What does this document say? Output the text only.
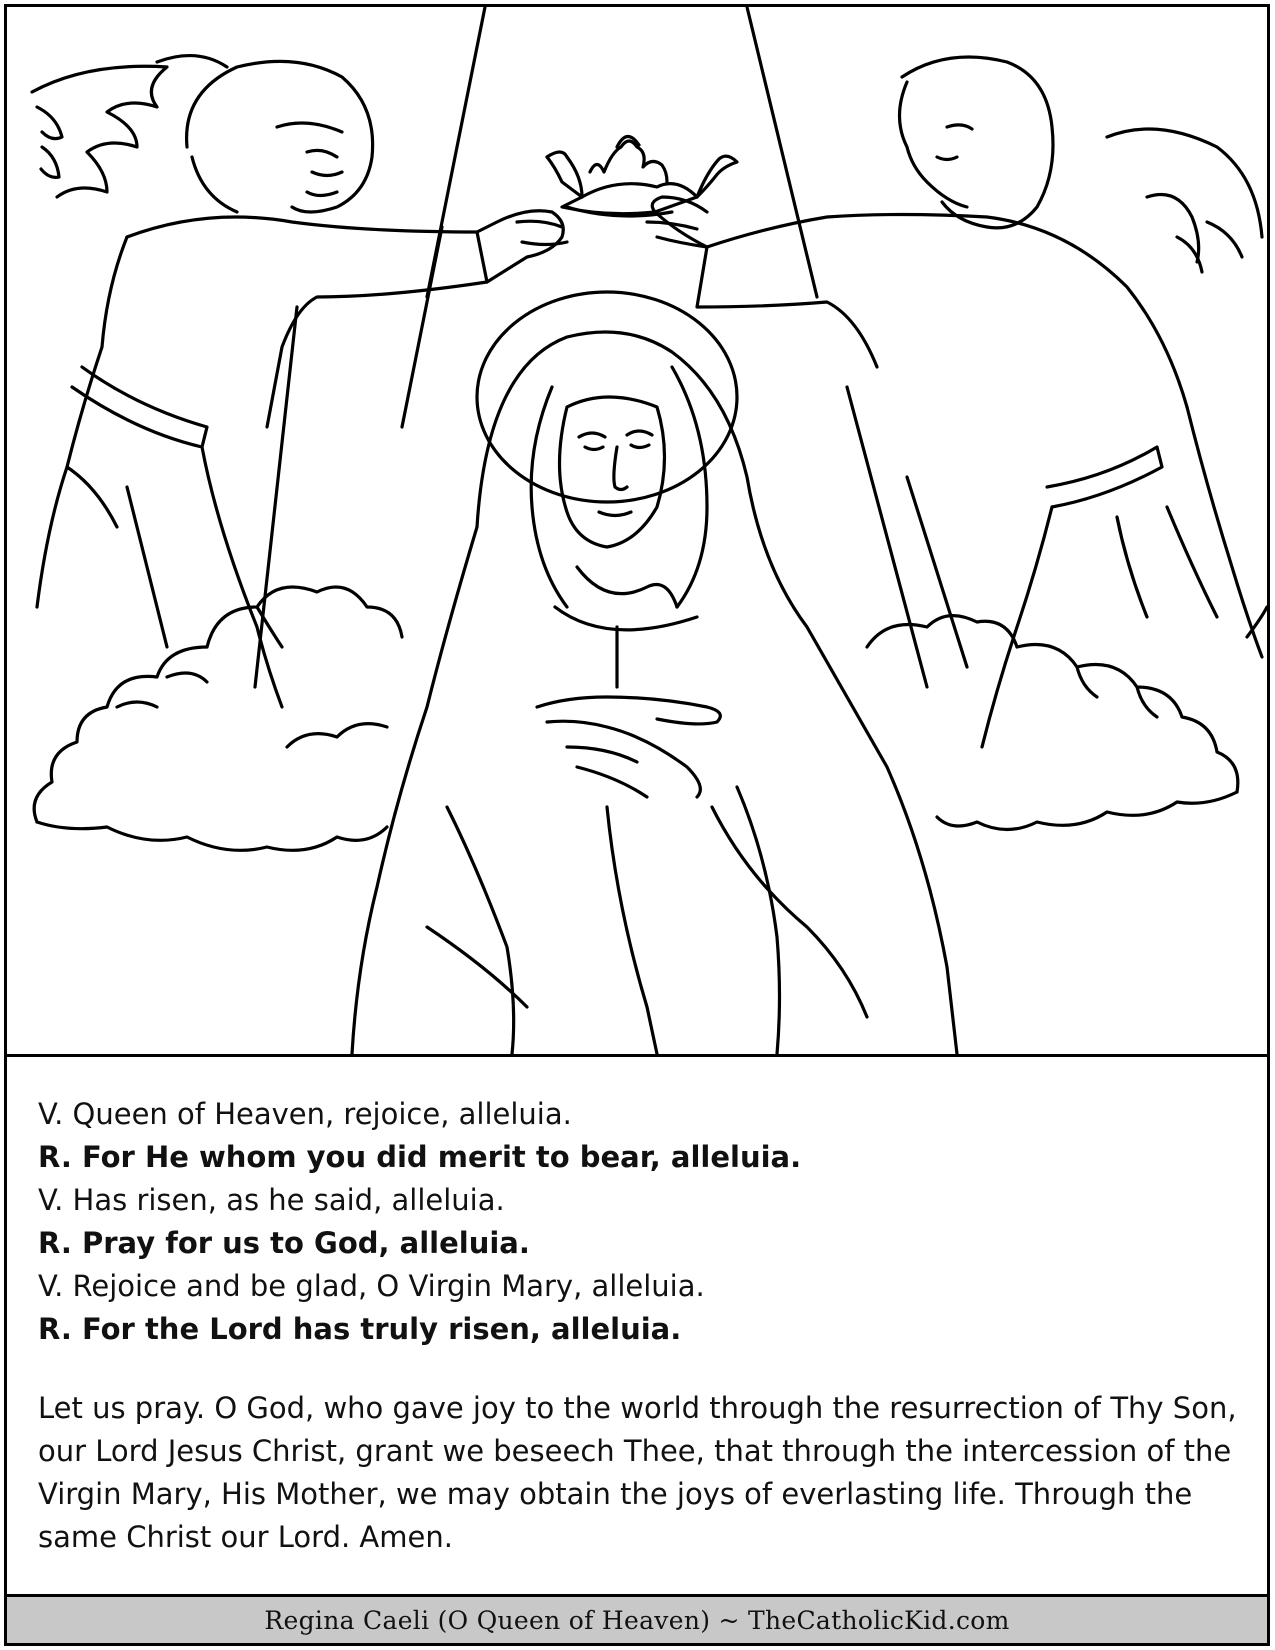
V. Queen of Heaven, rejoice, alleluia.
R. For He whom you did merit to bear, alleluia.
V. Has risen, as he said, alleluia.
R. Pray for us to God, alleluia.
V. Rejoice and be glad, O Virgin Mary, alleluia.
R. For the Lord has truly risen, alleluia.

Let us pray. O God, who gave joy to the world through the resurrection of Thy Son, our Lord Jesus Christ, grant we beseech Thee, that through the intercession of the Virgin Mary, His Mother, we may obtain the joys of everlasting life. Through the same Christ our Lord. Amen.

Regina Caeli (O Queen of Heaven) ~ TheCatholicKid.com
